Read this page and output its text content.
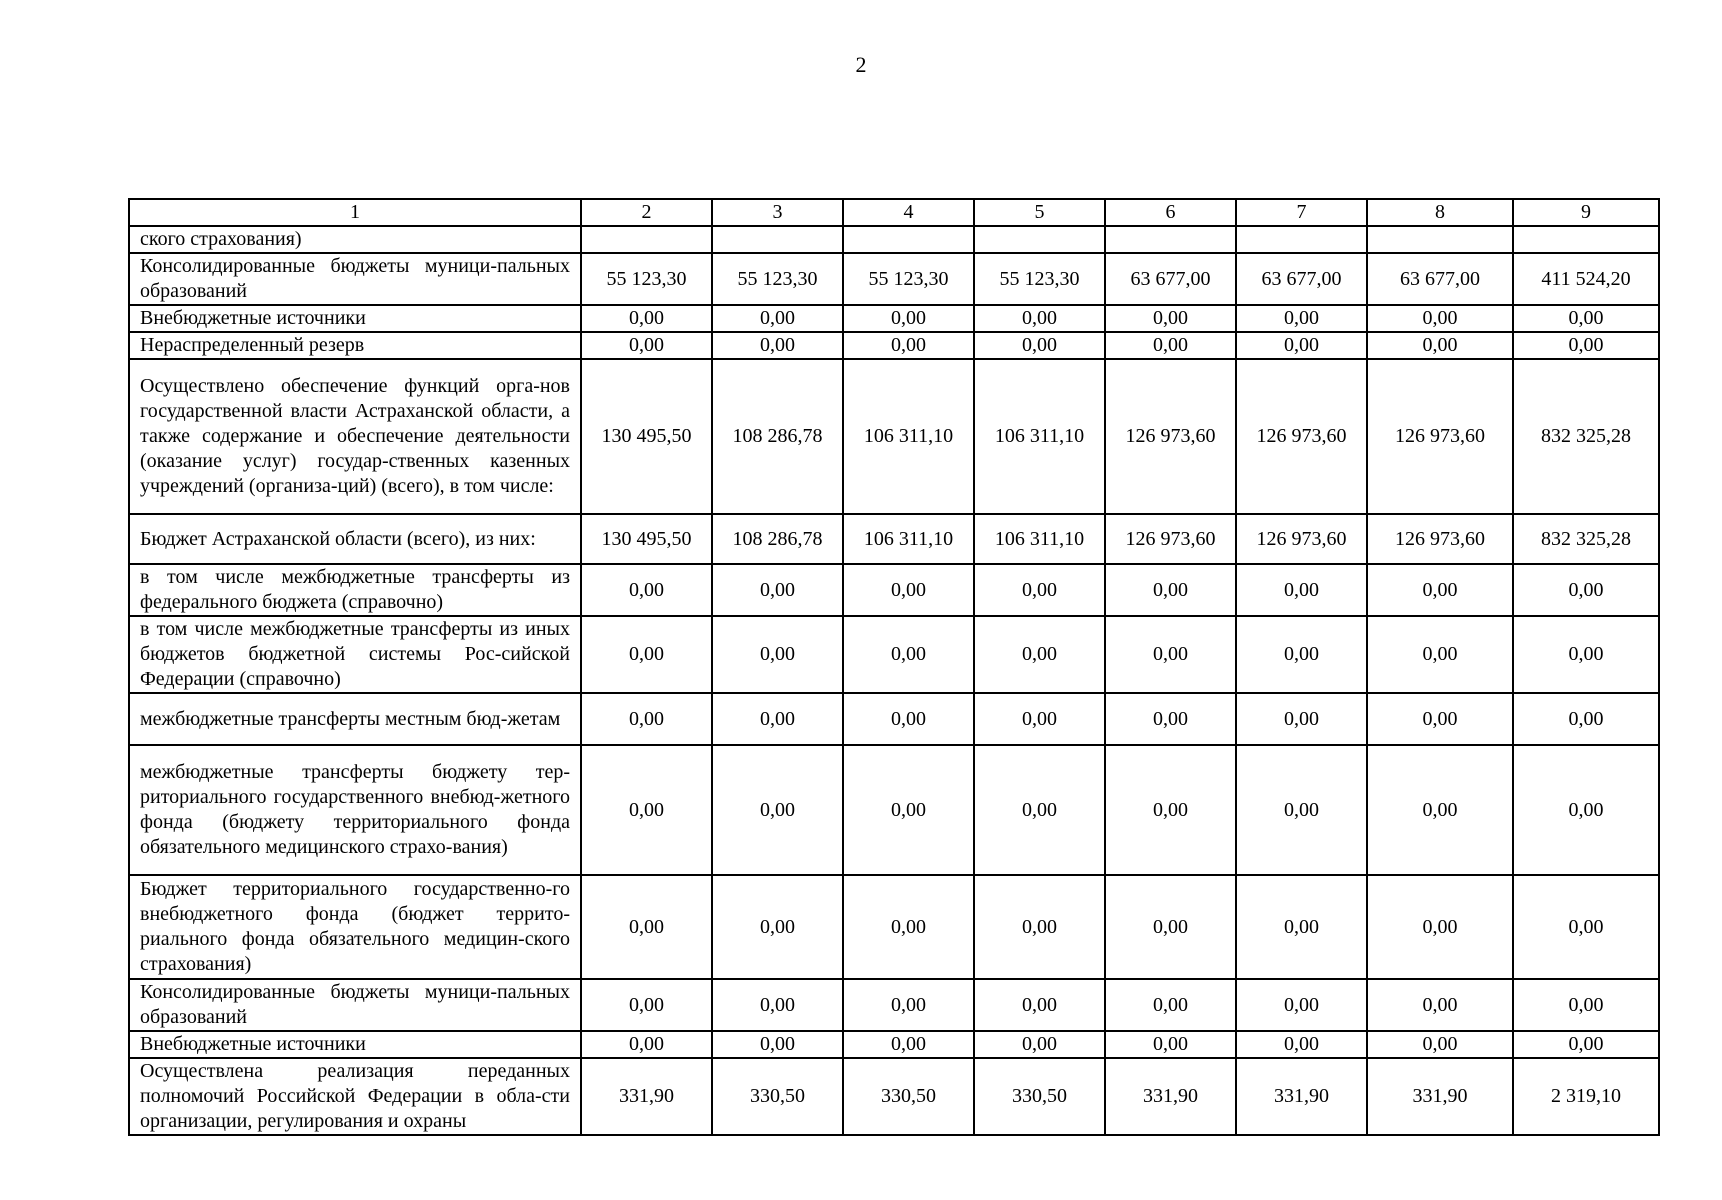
2
1	2	3	4	5	6	7	8	9
ского страхования)								
Консолидированные бюджеты муници-пальных образований	55 123,30	55 123,30	55 123,30	55 123,30	63 677,00	63 677,00	63 677,00	411 524,20
Внебюджетные источники	0,00	0,00	0,00	0,00	0,00	0,00	0,00	0,00
Нераспределенный резерв	0,00	0,00	0,00	0,00	0,00	0,00	0,00	0,00
Осуществлено обеспечение функций орга-нов государственной власти Астраханской области, а также содержание и обеспечение деятельности (оказание услуг) государ-ственных казенных учреждений (организа-ций) (всего), в том числе:	130 495,50	108 286,78	106 311,10	106 311,10	126 973,60	126 973,60	126 973,60	832 325,28
Бюджет Астраханской области (всего), из них:	130 495,50	108 286,78	106 311,10	106 311,10	126 973,60	126 973,60	126 973,60	832 325,28
в том числе межбюджетные трансферты из федерального бюджета (справочно)	0,00	0,00	0,00	0,00	0,00	0,00	0,00	0,00
в том числе межбюджетные трансферты из иных бюджетов бюджетной системы Рос-сийской Федерации (справочно)	0,00	0,00	0,00	0,00	0,00	0,00	0,00	0,00
межбюджетные трансферты местным бюд-жетам	0,00	0,00	0,00	0,00	0,00	0,00	0,00	0,00
межбюджетные трансферты бюджету тер-риториального государственного внебюд-жетного фонда (бюджету территориального фонда обязательного медицинского страхо-вания)	0,00	0,00	0,00	0,00	0,00	0,00	0,00	0,00
Бюджет территориального государственно-го внебюджетного фонда (бюджет террито-риального фонда обязательного медицин-ского страхования)	0,00	0,00	0,00	0,00	0,00	0,00	0,00	0,00
Консолидированные бюджеты муници-пальных образований	0,00	0,00	0,00	0,00	0,00	0,00	0,00	0,00
Внебюджетные источники	0,00	0,00	0,00	0,00	0,00	0,00	0,00	0,00
Осуществлена реализация переданных полномочий Российской Федерации в обла-сти организации, регулирования и охраны	331,90	330,50	330,50	330,50	331,90	331,90	331,90	2 319,10
